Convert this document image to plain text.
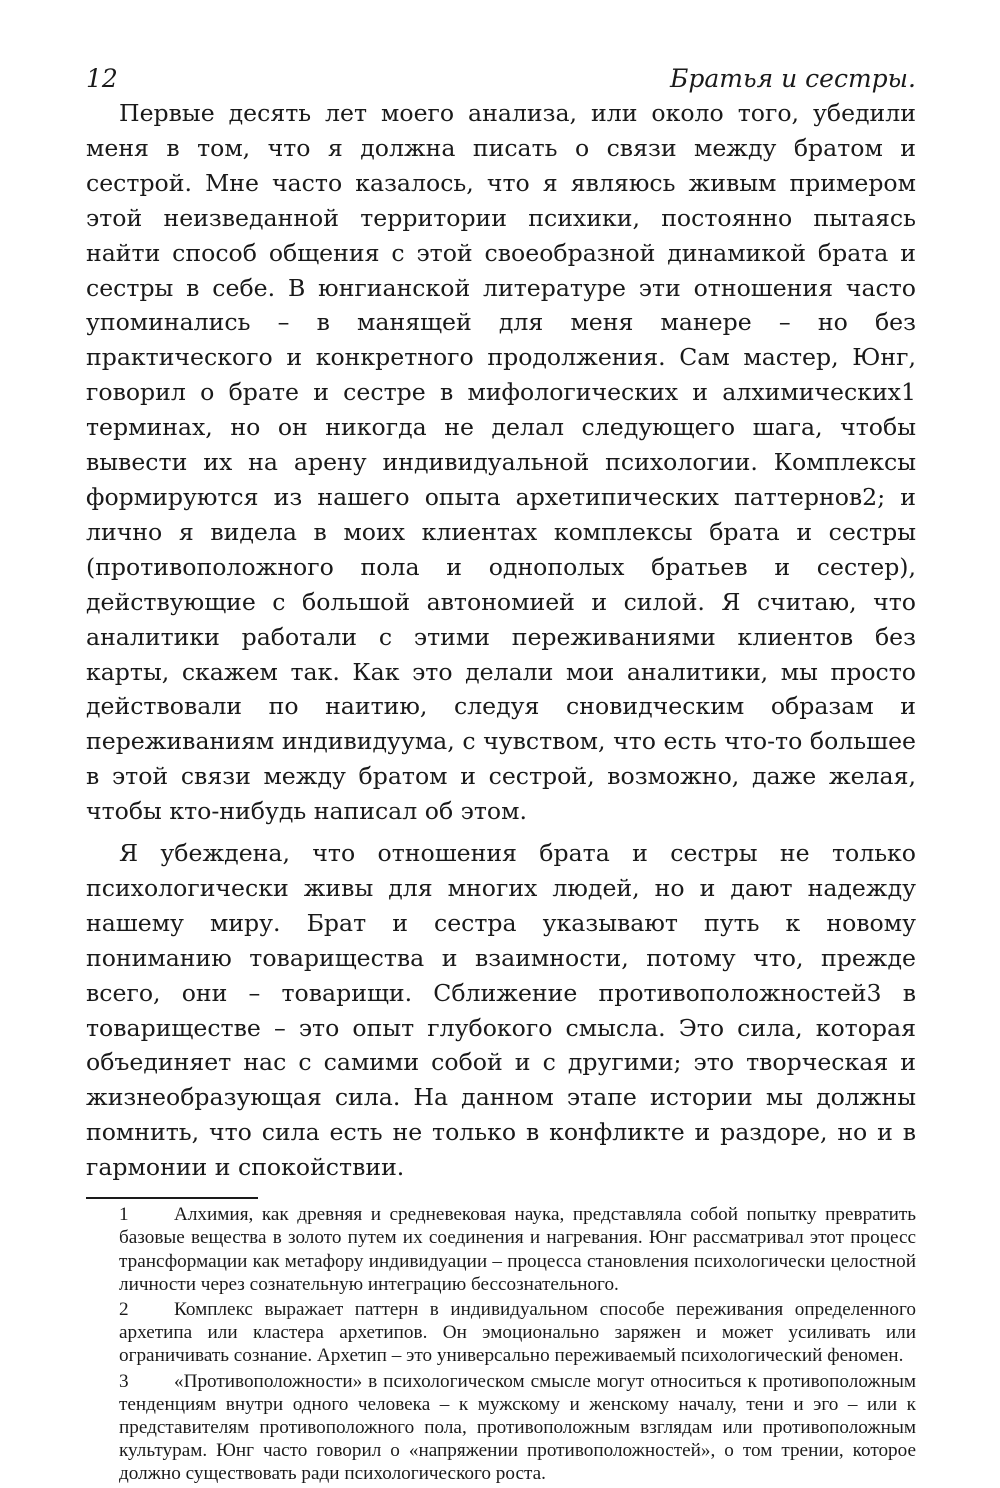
12	Братья и сестры.

Первые десять лет моего анализа, или около того, убедили меня в том, что я должна писать о связи между братом и сестрой. Мне часто казалось, что я являюсь живым примером этой неизведанной территории психики, постоянно пытаясь найти способ общения с этой своеобразной динамикой брата и сестры в себе. В юнгианской литературе эти отношения часто упоминались – в манящей для меня манере – но без практического и конкретного продолжения. Сам мастер, Юнг, говорил о брате и сестре в мифологических и алхимических1 терминах, но он никогда не делал следующего шага, чтобы вывести их на арену индивидуальной психологии. Комплексы формируются из нашего опыта архетипических паттернов2; и лично я видела в моих клиентах комплексы брата и сестры (противоположного пола и однополых братьев и сестер), действующие с большой автономией и силой. Я считаю, что аналитики работали с этими переживаниями клиентов без карты, скажем так. Как это делали мои аналитики, мы просто действовали по наитию, следуя сновидческим образам и переживаниям индивидуума, с чувством, что есть что-то большее в этой связи между братом и сестрой, возможно, даже желая, чтобы кто-нибудь написал об этом.

Я убеждена, что отношения брата и сестры не только психологически живы для многих людей, но и дают надежду нашему миру. Брат и сестра указывают путь к новому пониманию товарищества и взаимности, потому что, прежде всего, они – товарищи. Сближение противоположностей3 в товариществе – это опыт глубокого смысла. Это сила, которая объединяет нас с самими собой и с другими; это творческая и жизнеобразующая сила. На данном этапе истории мы должны помнить, что сила есть не только в конфликте и раздоре, но и в гармонии и спокойствии.

1 Алхимия, как древняя и средневековая наука, представляла собой попытку превратить базовые вещества в золото путем их соединения и нагревания. Юнг рассматривал этот процесс трансформации как метафору индивидуации – процесса становления психологически целостной личности через сознательную интеграцию бессознательного.

2 Комплекс выражает паттерн в индивидуальном способе переживания определенного архетипа или кластера архетипов. Он эмоционально заряжен и может усиливать или ограничивать сознание. Архетип – это универсально переживаемый психологический феномен.

3 «Противоположности» в психологическом смысле могут относиться к противоположным тенденциям внутри одного человека – к мужскому и женскому началу, тени и эго – или к представителям противоположного пола, противоположным взглядам или противоположным культурам. Юнг часто говорил о «напряжении противоположностей», о том трении, которое должно существовать ради психологического роста.
